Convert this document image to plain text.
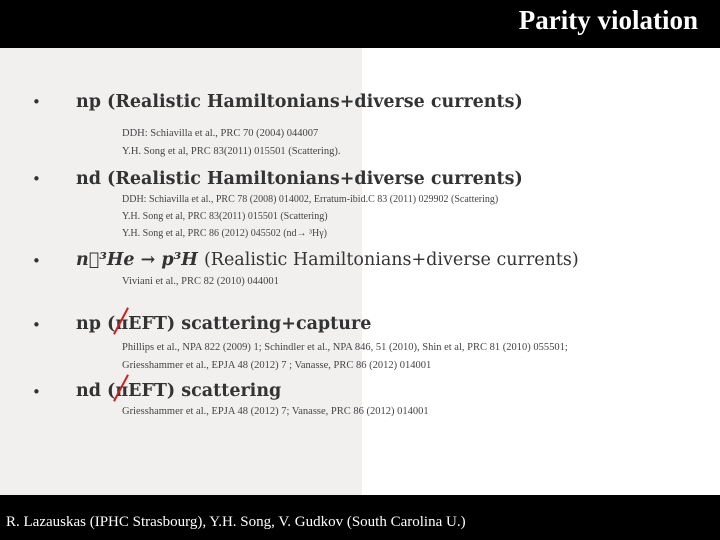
Parity violation
• np (Realistic Hamiltonians+diverse currents)
DDH: Schiavilla et al., PRC 70 (2004) 044007
Y.H. Song et al, PRC 83(2011) 015501 (Scattering).
• nd (Realistic Hamiltonians+diverse currents)
DDH: Schiavilla et al., PRC 78 (2008) 014002, Erratum-ibid.C 83 (2011) 029902 (Scattering)
Y.H. Song et al, PRC 83(2011) 015501 (Scattering)
Y.H. Song et al, PRC 86 (2012) 045502 (nd→ ³Hγ)
• n⃗³He → p³H (Realistic Hamiltonians+diverse currents)
Viviani et al., PRC 82 (2010) 044001
• np (πEFT) scattering+capture
Phillips et al., NPA 822 (2009) 1; Schindler et al., NPA 846, 51 (2010), Shin et al, PRC 81 (2010) 055501;
Griesshammer et al., EPJA 48 (2012) 7 ; Vanasse, PRC 86 (2012) 014001
• nd (πEFT) scattering
Griesshammer et al., EPJA 48 (2012) 7; Vanasse, PRC 86 (2012) 014001
R. Lazauskas (IPHC Strasbourg), Y.H. Song, V. Gudkov (South Carolina U.)
